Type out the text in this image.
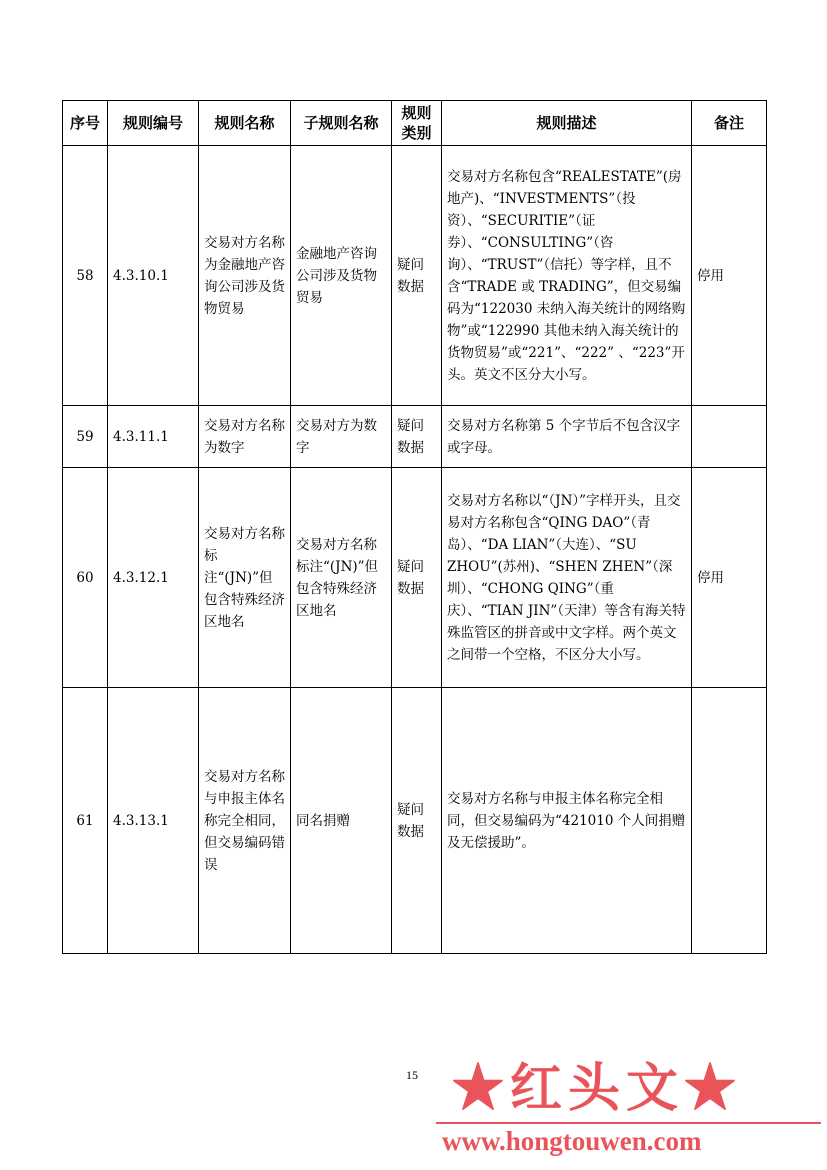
序号	规则编号	规则名称	子规则名称	规则类别	规则描述	备注
58	4.3.10.1	交易对方名称为金融地产咨询公司涉及货物贸易	金融地产咨询公司涉及货物贸易	疑问数据	交易对方名称包含“REALESTATE”(房地产)、“INVESTMENTS”（投资）、“SECURITIE”（证券）、“CONSULTING”（咨询）、“TRUST”（信托）等字样，且不含“TRADE 或 TRADING”，但交易编码为“122030 未纳入海关统计的网络购物”或“122990 其他未纳入海关统计的货物贸易”或“221”、“222” 、“223”开头。英文不区分大小写。	停用
59	4.3.11.1	交易对方名称为数字	交易对方为数字	疑问数据	交易对方名称第 5 个字节后不包含汉字或字母。	
60	4.3.12.1	交易对方名称标注“(JN)”但包含特殊经济区地名	交易对方名称标注“(JN)”但包含特殊经济区地名	疑问数据	交易对方名称以“（JN）”字样开头，且交易对方名称包含“QING DAO”（青岛）、“DA LIAN”（大连）、“SU ZHOU”(苏州)、“SHEN ZHEN”（深圳）、“CHONG QING”（重庆）、“TIAN JIN”（天津）等含有海关特殊监管区的拼音或中文字样。两个英文之间带一个空格，不区分大小写。	停用
61	4.3.13.1	交易对方名称与申报主体名称完全相同，但交易编码错误	同名捐赠	疑问数据	交易对方名称与申报主体名称完全相同，但交易编码为“421010 个人间捐赠及无偿援助”。	
15 ★红头文★
www.hongtouwen.com
